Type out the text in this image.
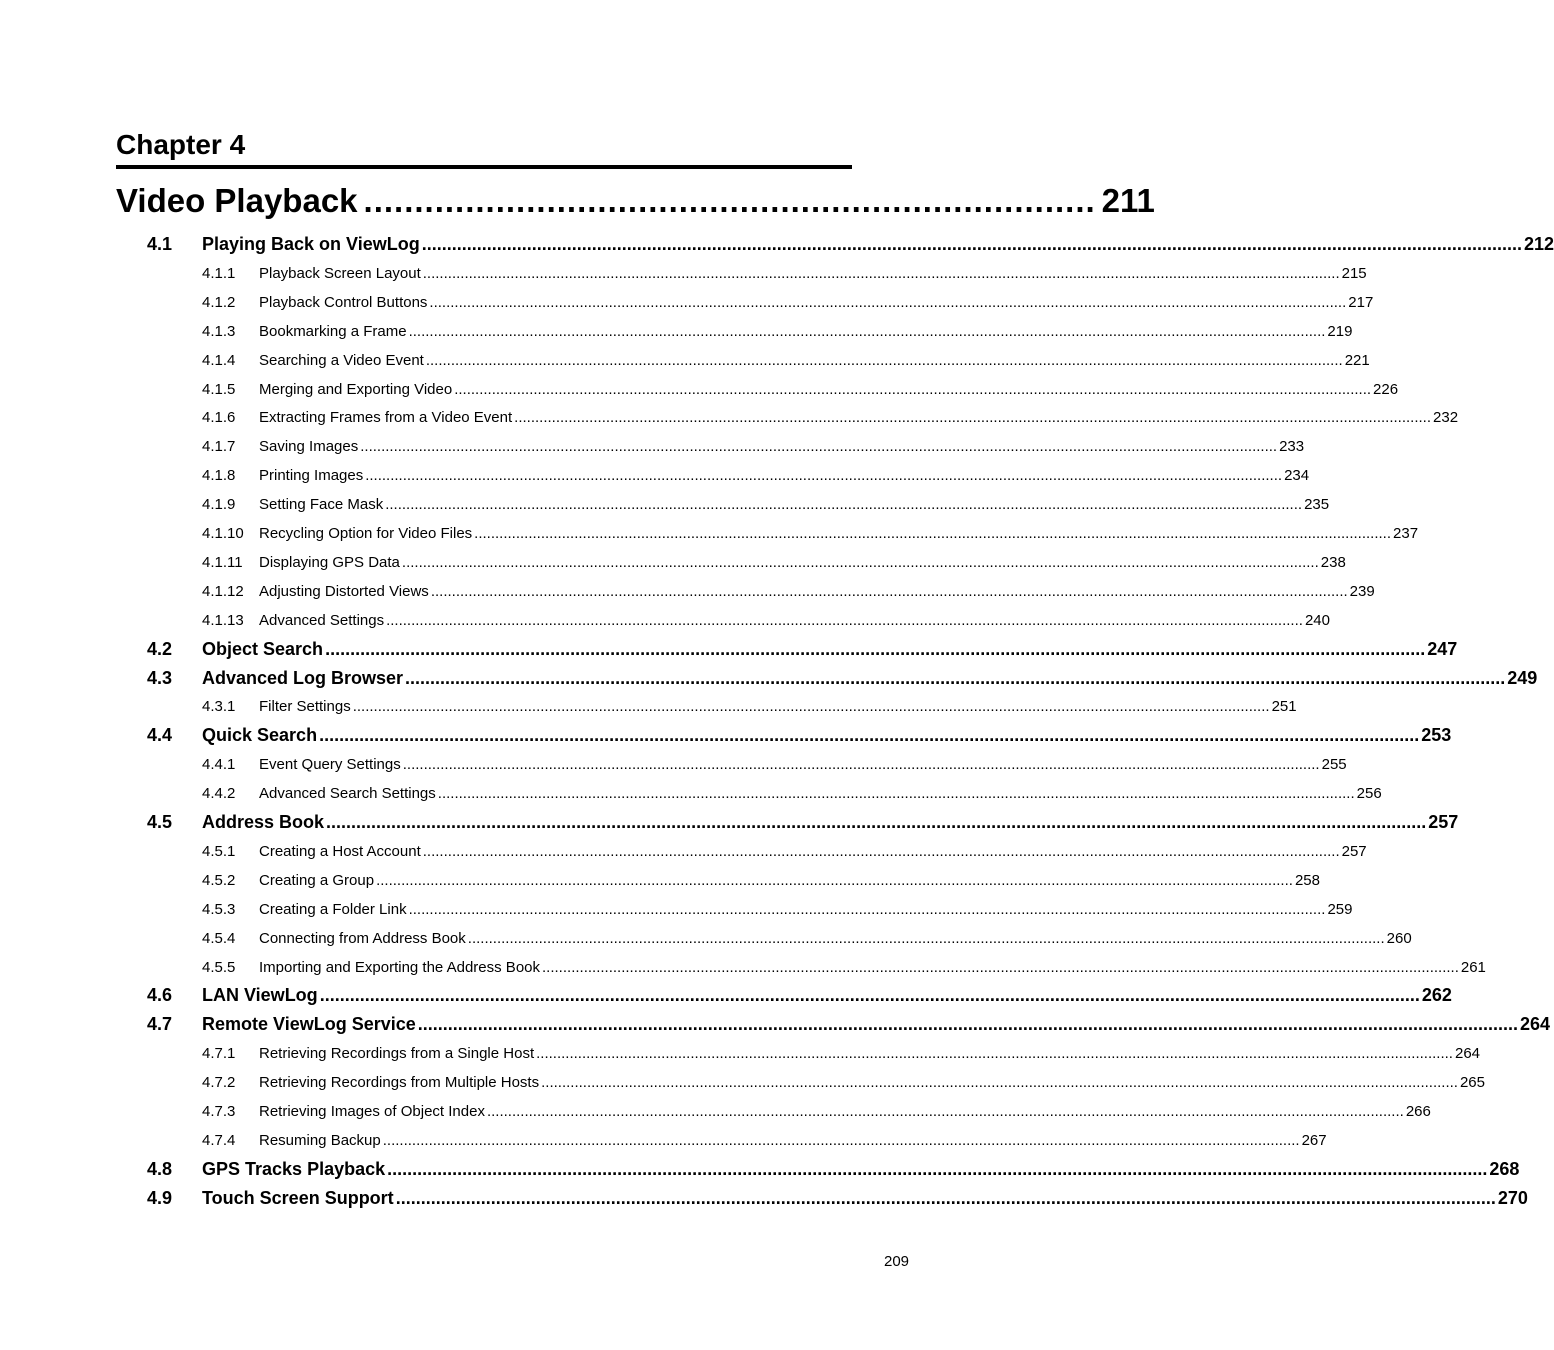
Chapter 4
Video Playback ........................................................................ 211
4.1	Playing Back on ViewLog ............................................................................................................................................................................................................................ 212
4.1.1	Playback Screen Layout ............................................................................................................................................................................................................................ 215
4.1.2	Playback Control Buttons ............................................................................................................................................................................................................................ 217
4.1.3	Bookmarking a Frame ............................................................................................................................................................................................................................ 219
4.1.4	Searching a Video Event ............................................................................................................................................................................................................................ 221
4.1.5	Merging and Exporting Video ............................................................................................................................................................................................................................ 226
4.1.6	Extracting Frames from a Video Event ............................................................................................................................................................................................................................ 232
4.1.7	Saving Images ............................................................................................................................................................................................................................ 233
4.1.8	Printing Images ............................................................................................................................................................................................................................ 234
4.1.9	Setting Face Mask ............................................................................................................................................................................................................................ 235
4.1.10	Recycling Option for Video Files ............................................................................................................................................................................................................................ 237
4.1.11	Displaying GPS Data ............................................................................................................................................................................................................................ 238
4.1.12	Adjusting Distorted Views ............................................................................................................................................................................................................................ 239
4.1.13	Advanced Settings ............................................................................................................................................................................................................................ 240
4.2	Object Search ............................................................................................................................................................................................................................ 247
4.3	Advanced Log Browser ............................................................................................................................................................................................................................ 249
4.3.1	Filter Settings ............................................................................................................................................................................................................................ 251
4.4	Quick Search ............................................................................................................................................................................................................................ 253
4.4.1	Event Query Settings ............................................................................................................................................................................................................................ 255
4.4.2	Advanced Search Settings ............................................................................................................................................................................................................................ 256
4.5	Address Book ............................................................................................................................................................................................................................ 257
4.5.1	Creating a Host Account ............................................................................................................................................................................................................................ 257
4.5.2	Creating a Group ............................................................................................................................................................................................................................ 258
4.5.3	Creating a Folder Link ............................................................................................................................................................................................................................ 259
4.5.4	Connecting from Address Book ............................................................................................................................................................................................................................ 260
4.5.5	Importing and Exporting the Address Book ............................................................................................................................................................................................................................ 261
4.6	LAN ViewLog ............................................................................................................................................................................................................................ 262
4.7	Remote ViewLog Service ............................................................................................................................................................................................................................ 264
4.7.1	Retrieving Recordings from a Single Host ............................................................................................................................................................................................................................ 264
4.7.2	Retrieving Recordings from Multiple Hosts ............................................................................................................................................................................................................................ 265
4.7.3	Retrieving Images of Object Index ............................................................................................................................................................................................................................ 266
4.7.4	Resuming Backup ............................................................................................................................................................................................................................ 267
4.8	GPS Tracks Playback ............................................................................................................................................................................................................................ 268
4.9	Touch Screen Support ............................................................................................................................................................................................................................ 270
209
